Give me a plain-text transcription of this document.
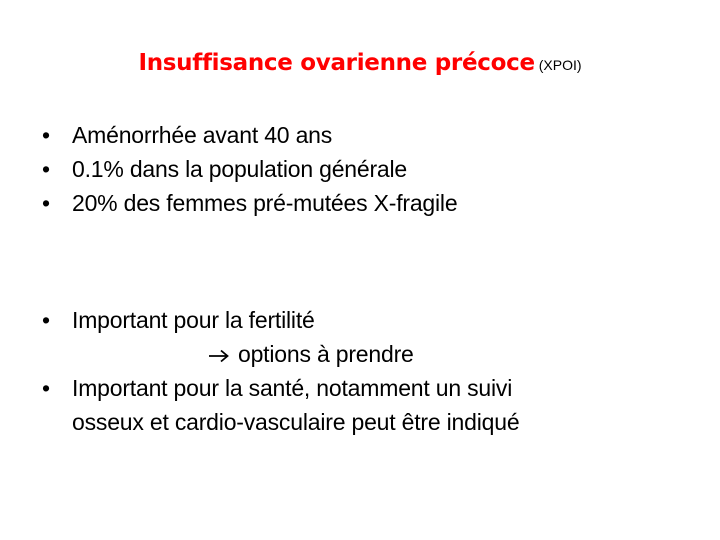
Insuffisance ovarienne précoce (XPOI)
• Aménorrhée avant 40 ans
• 0.1% dans la population générale
• 20% des femmes pré-mutées X-fragile
• Important pour la fertilité
options à prendre
• Important pour la santé, notamment un suivi
osseux et cardio-vasculaire peut être indiqué
